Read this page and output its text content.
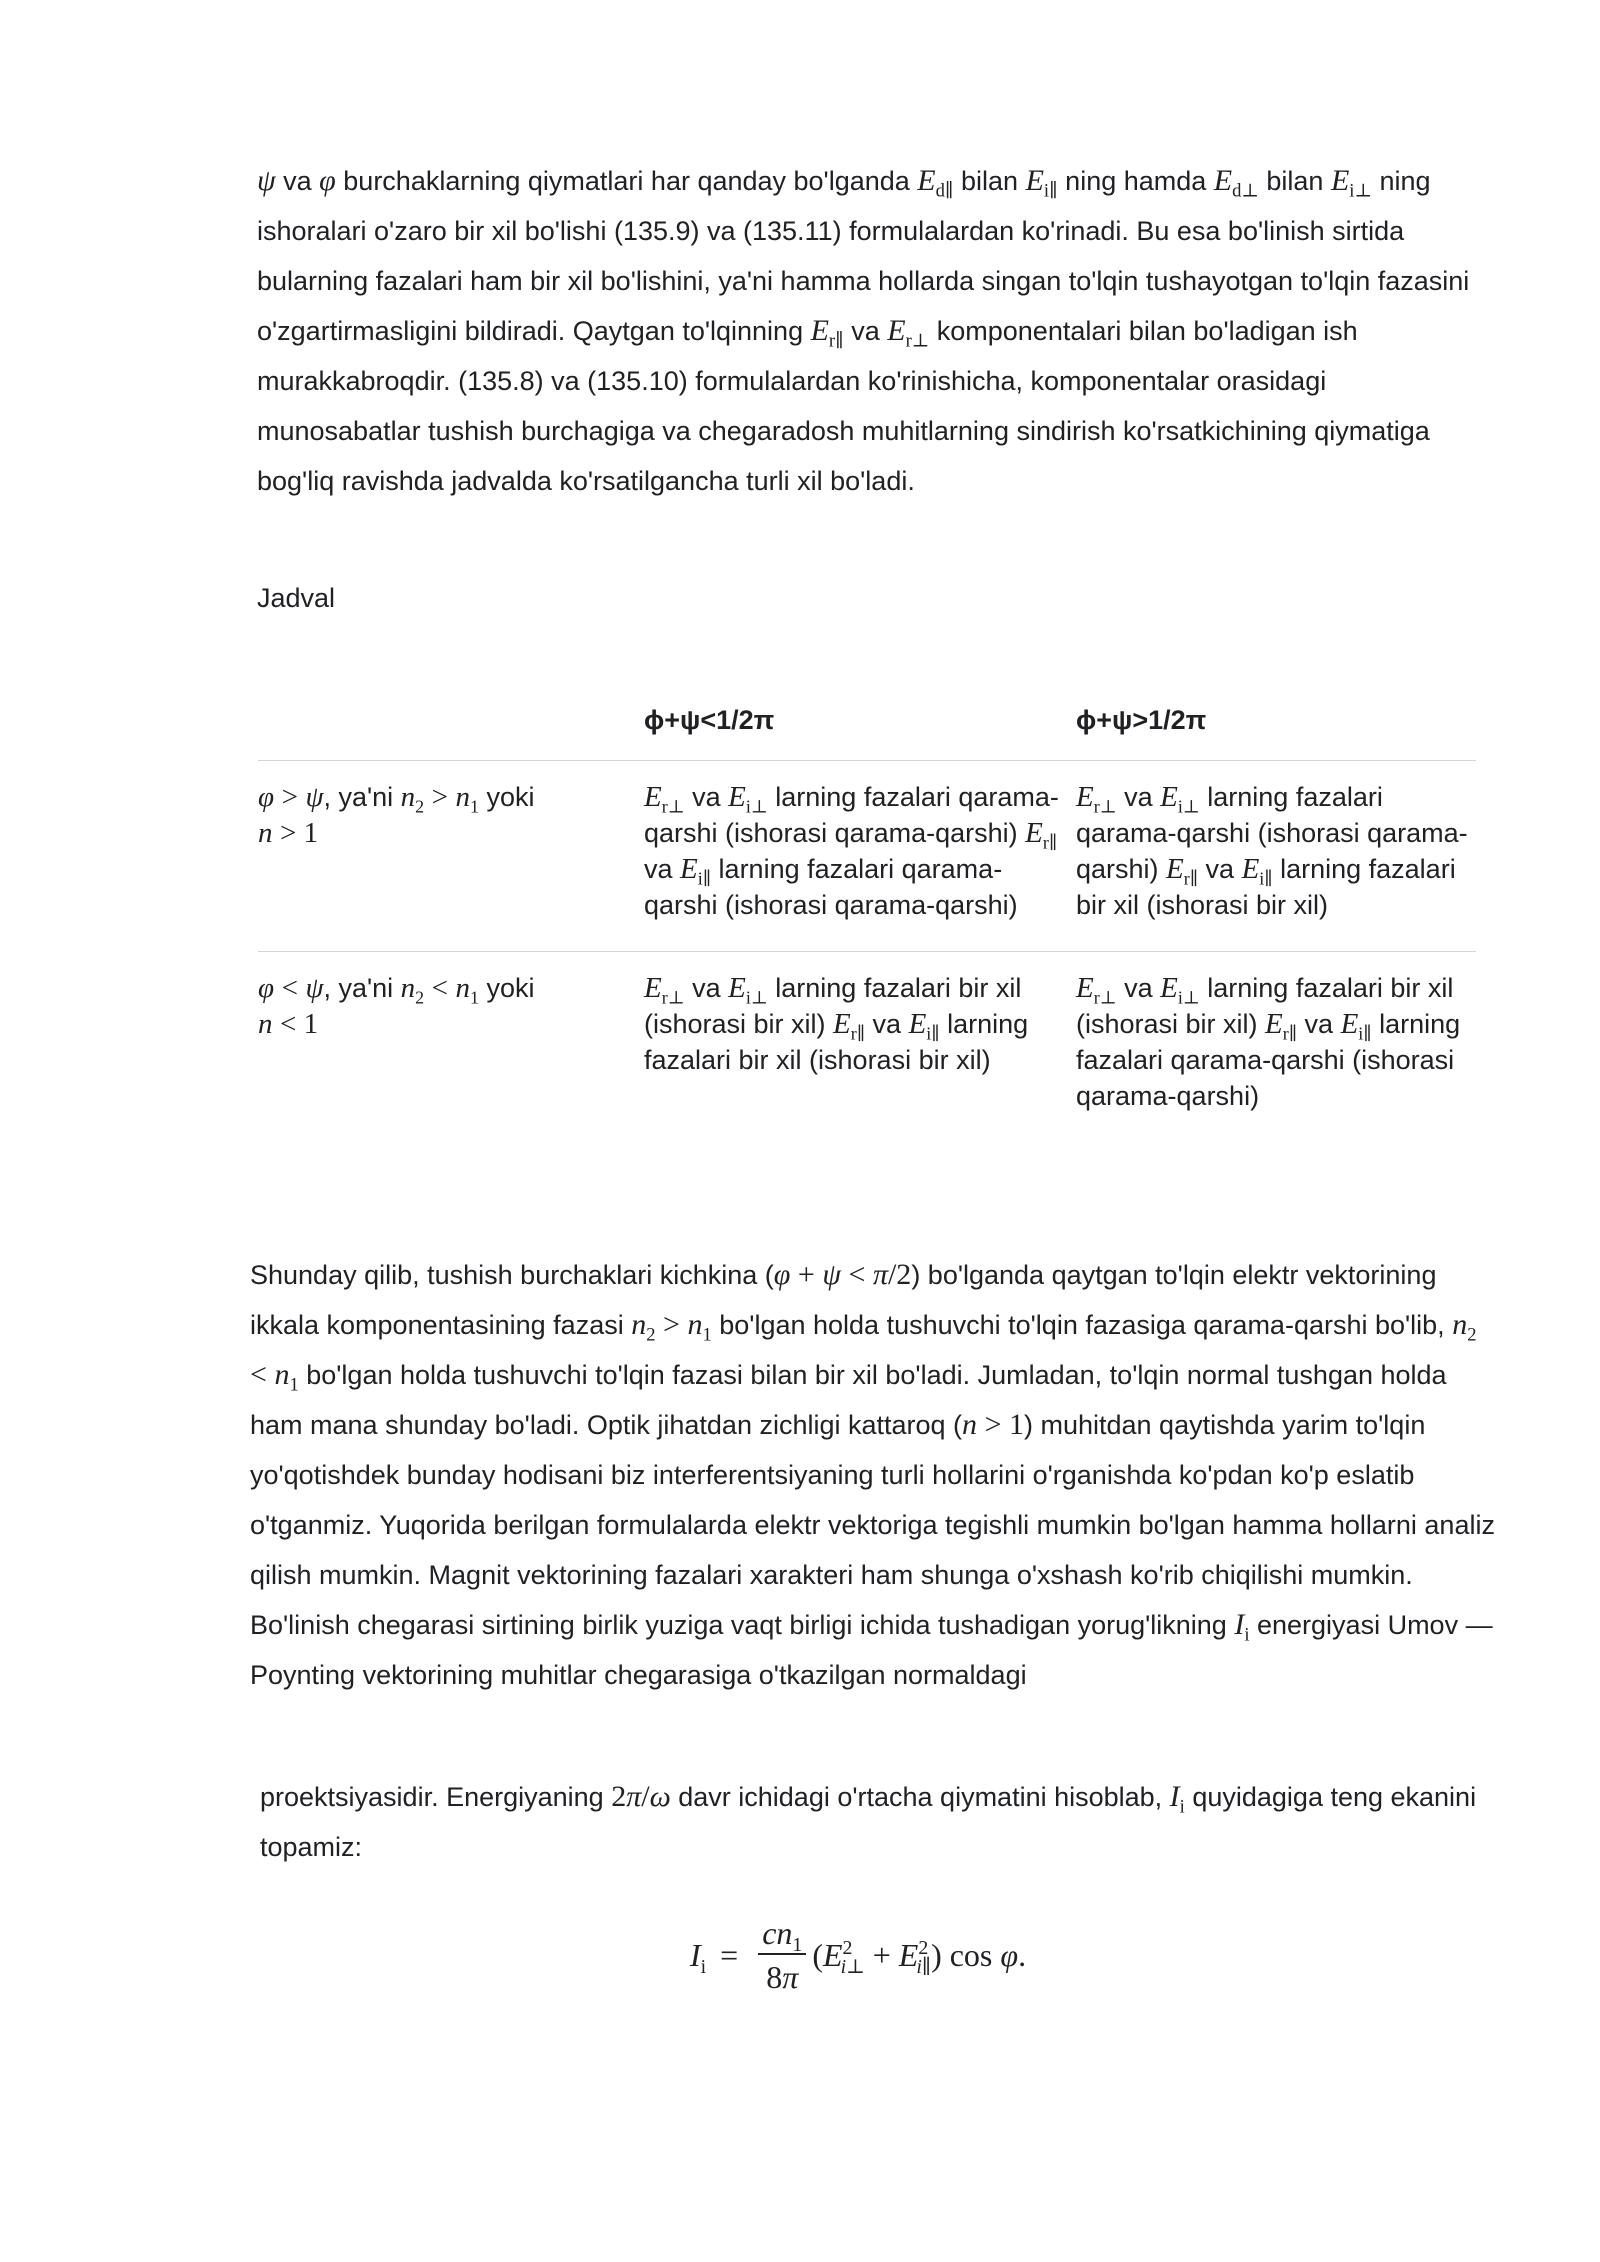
ψ va φ burchaklarning qiymatlari har qanday bo'lganda $E_{d\parallel}$ bilan $E_{i\parallel}$ ning hamda $E_{d\perp}$ bilan $E_{i\perp}$ ning ishoralari o'zaro bir xil bo'lishi (135.9) va (135.11) formulalardan ko'rinadi. Bu esa bo'linish sirtida bularning fazalari ham bir xil bo'lishini, ya'ni hamma hollarda singan to'lqin tushayotgan to'lqin fazasini o'zgartirmasligini bildiradi. Qaytgan to'lqinning $E_{r\parallel}$ va $E_{r\perp}$ komponentalari bilan bo'ladigan ish murakkabroqdir. (135.8) va (135.10) formulalardan ko'rinishicha, komponentalar orasidagi munosabatlar tushish burchagiga va chegaradosh muhitlarning sindirish ko'rsatkichining qiymatiga bog'liq ravishda jadvalda ko'rsatilgancha turli xil bo'ladi.

Jadval

ϕ+ψ<1/2π	ϕ+ψ>1/2π
φ > ψ, ya'ni $n_2 > n_1$ yoki
n > 1
$E_{r\perp}$ va $E_{i\perp}$ larning fazalari qarama-qarshi (ishorasi qarama-qarshi) $E_{r\parallel}$ va $E_{i\parallel}$ larning fazalari qarama-qarshi (ishorasi qarama-qarshi)
$E_{r\perp}$ va $E_{i\perp}$ larning fazalari qarama-qarshi (ishorasi qarama-qarshi) $E_{r\parallel}$ va $E_{i\parallel}$ larning fazalari bir xil (ishorasi bir xil)
φ < ψ, ya'ni $n_2 < n_1$ yoki
n < 1
$E_{r\perp}$ va $E_{i\perp}$ larning fazalari bir xil (ishorasi bir xil) $E_{r\parallel}$ va $E_{i\parallel}$ larning fazalari bir xil (ishorasi bir xil)
$E_{r\perp}$ va $E_{i\perp}$ larning fazalari bir xil (ishorasi bir xil) $E_{r\parallel}$ va $E_{i\parallel}$ larning fazalari qarama-qarshi (ishorasi qarama-qarshi)

Shunday qilib, tushish burchaklari kichkina (φ + ψ < π/2) bo'lganda qaytgan to'lqin elektr vektorining ikkala komponentasining fazasi $n_2 > n_1$ bo'lgan holda tushuvchi to'lqin fazasiga qarama-qarshi bo'lib, $n_2 < n_1$ bo'lgan holda tushuvchi to'lqin fazasi bilan bir xil bo'ladi. Jumladan, to'lqin normal tushgan holda ham mana shunday bo'ladi. Optik jihatdan zichligi kattaroq (n > 1) muhitdan qaytishda yarim to'lqin yo'qotishdek bunday hodisani biz interferentsiyaning turli hollarini o'rganishda ko'pdan ko'p eslatib o'tganmiz. Yuqorida berilgan formulalarda elektr vektoriga tegishli mumkin bo'lgan hamma hollarni analiz qilish mumkin. Magnit vektorining fazalari xarakteri ham shunga o'xshash ko'rib chiqilishi mumkin.
Bo'linish chegarasi sirtining birlik yuziga vaqt birligi ichida tushadigan yorug'likning $I_i$ energiyasi Umov — Poynting vektorining muhitlar chegarasiga o'tkazilgan normaldagi

proektsiyasidir. Energiyaning 2π/ω davr ichidagi o'rtacha qiymatini hisoblab, $I_i$ quyidagiga teng ekanini topamiz:

$I_i = \frac{cn_1}{8\pi} (E^2_{i\perp} + E^2_{i\parallel})$ cos φ.
